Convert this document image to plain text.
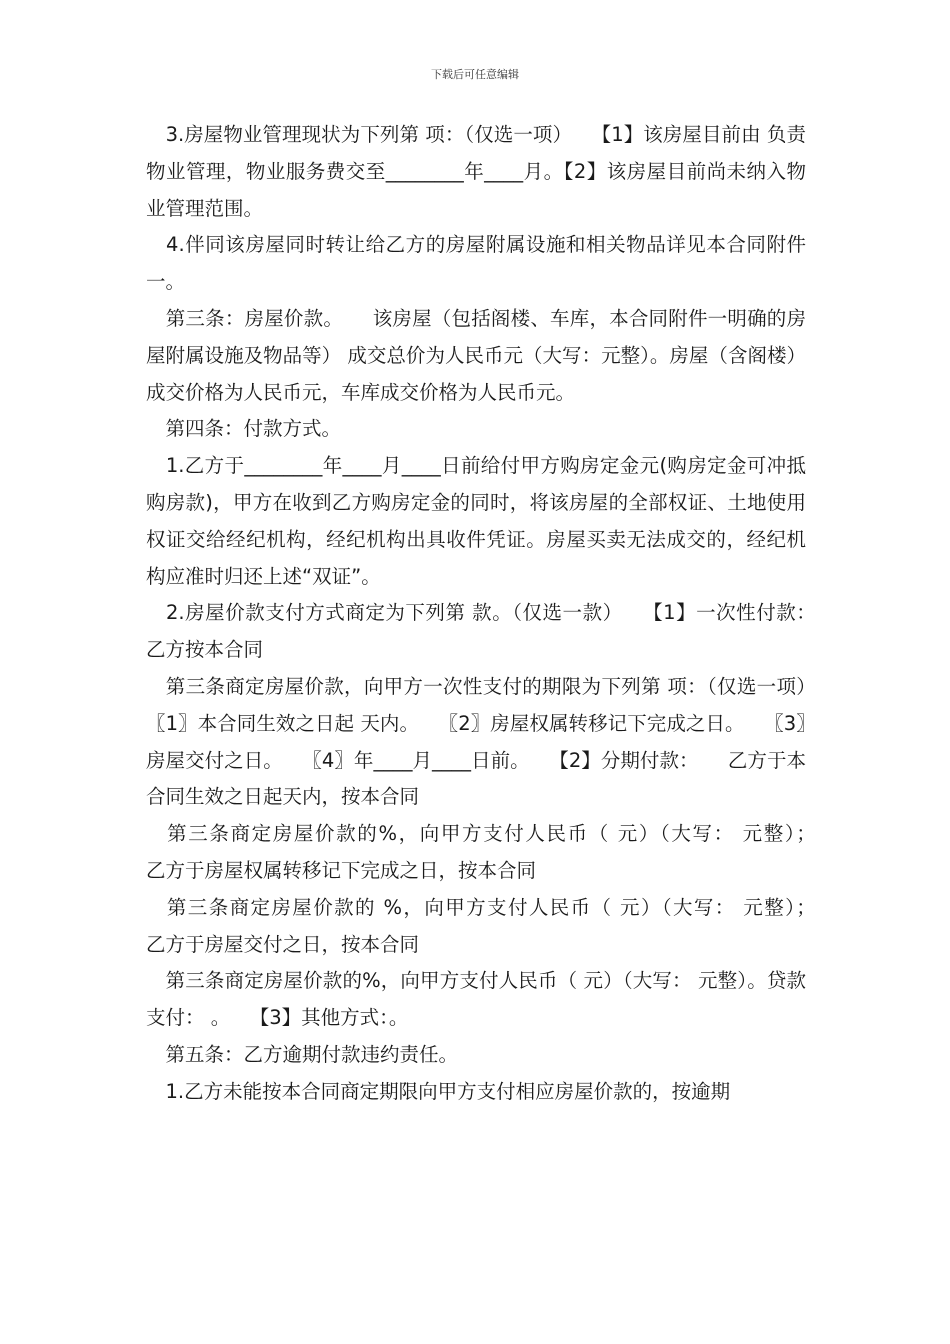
下载后可任意编辑

　3.房屋物业管理现状为下列第 项：（仅选一项）　　【1】该房屋目前由 负责物业管理，物业服务费交至________年____月。【2】该房屋目前尚未纳入物业管理范围。

　4.伴同该房屋同时转让给乙方的房屋附属设施和相关物品详见本合同附件一。

　第三条：房屋价款。　　该房屋（包括阁楼、车库，本合同附件一明确的房屋附属设施及物品等） 成交总价为人民币元（大写：元整）。房屋（含阁楼）成交价格为人民币元，车库成交价格为人民币元。

　第四条：付款方式。

　1.乙方于________年____月____日前给付甲方购房定金元(购房定金可冲抵购房款)，甲方在收到乙方购房定金的同时，将该房屋的全部权证、土地使用权证交给经纪机构，经纪机构出具收件凭证。房屋买卖无法成交的，经纪机构应准时归还上述“双证”。

　2.房屋价款支付方式商定为下列第 款。（仅选一款）　　【1】一次性付款：　　乙方按本合同

　第三条商定房屋价款，向甲方一次性支付的期限为下列第 项：（仅选一项）　　〖1〗本合同生效之日起 天内。　　〖2〗房屋权属转移记下完成之日。　　〖3〗房屋交付之日。　　〖4〗年____月____日前。　　【2】分期付款：　　乙方于本合同生效之日起天内，按本合同

　第三条商定房屋价款的%，向甲方支付人民币（ 元）（大写： 元整）；　　乙方于房屋权属转移记下完成之日，按本合同

　第三条商定房屋价款的 %，向甲方支付人民币（ 元）（大写： 元整）；　　乙方于房屋交付之日，按本合同

　第三条商定房屋价款的%，向甲方支付人民币（ 元）（大写： 元整）。贷款支付： 。　　【3】其他方式：。

　第五条：乙方逾期付款违约责任。

　1.乙方未能按本合同商定期限向甲方支付相应房屋价款的，按逾期
